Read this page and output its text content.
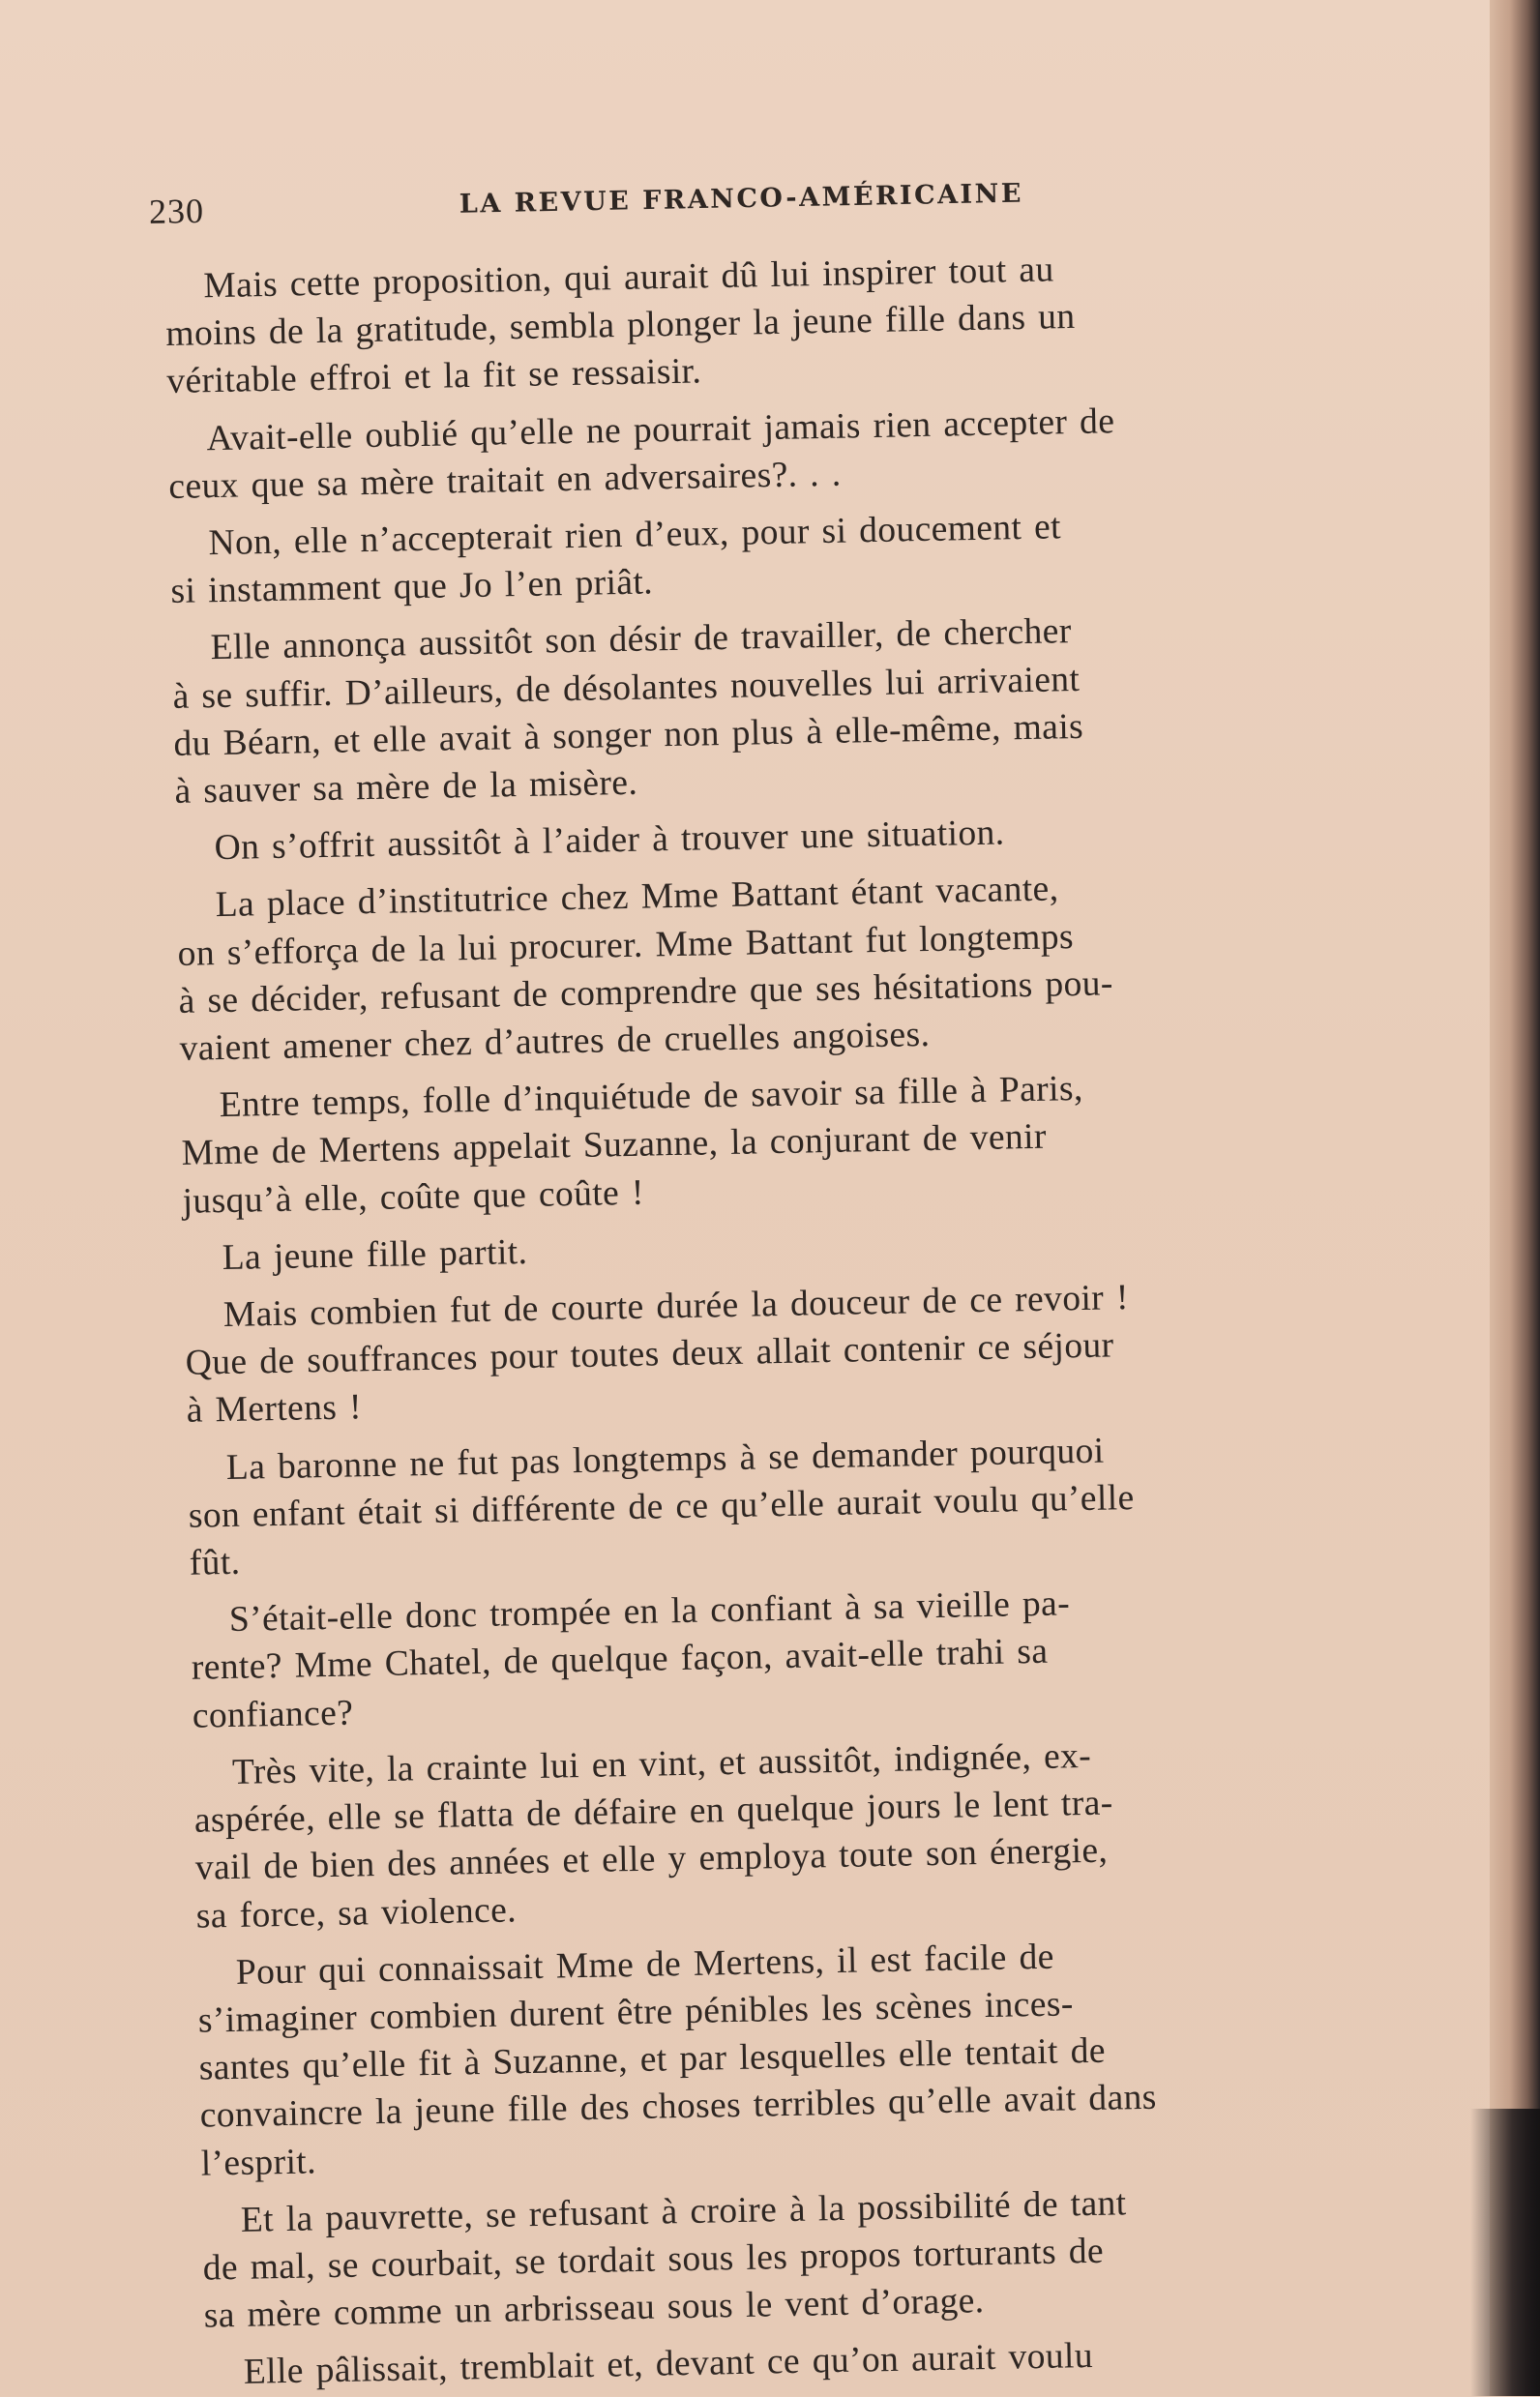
230	LA REVUE FRANCO-AMÉRICAINE
Mais cette proposition, qui aurait dû lui inspirer tout au
moins de la gratitude, sembla plonger la jeune fille dans un
véritable effroi et la fit se ressaisir.
Avait-elle oublié qu’elle ne pourrait jamais rien accepter de
ceux que sa mère traitait en adversaires?. . .
Non, elle n’accepterait rien d’eux, pour si doucement et
si instamment que Jo l’en priât.
Elle annonça aussitôt son désir de travailler, de chercher
à se suffir. D’ailleurs, de désolantes nouvelles lui arrivaient
du Béarn, et elle avait à songer non plus à elle-même, mais
à sauver sa mère de la misère.
On s’offrit aussitôt à l’aider à trouver une situation.
La place d’institutrice chez Mme Battant étant vacante,
on s’efforça de la lui procurer. Mme Battant fut longtemps
à se décider, refusant de comprendre que ses hésitations pou-
vaient amener chez d’autres de cruelles angoises.
Entre temps, folle d’inquiétude de savoir sa fille à Paris,
Mme de Mertens appelait Suzanne, la conjurant de venir
jusqu’à elle, coûte que coûte !
La jeune fille partit.
Mais combien fut de courte durée la douceur de ce revoir !
Que de souffrances pour toutes deux allait contenir ce séjour
à Mertens !
La baronne ne fut pas longtemps à se demander pourquoi
son enfant était si différente de ce qu’elle aurait voulu qu’elle
fût.
S’était-elle donc trompée en la confiant à sa vieille pa-
rente? Mme Chatel, de quelque façon, avait-elle trahi sa
confiance?
Très vite, la crainte lui en vint, et aussitôt, indignée, ex-
aspérée, elle se flatta de défaire en quelque jours le lent tra-
vail de bien des années et elle y employa toute son énergie,
sa force, sa violence.
Pour qui connaissait Mme de Mertens, il est facile de
s’imaginer combien durent être pénibles les scènes inces-
santes qu’elle fit à Suzanne, et par lesquelles elle tentait de
convaincre la jeune fille des choses terribles qu’elle avait dans
l’esprit.
Et la pauvrette, se refusant à croire à la possibilité de tant
de mal, se courbait, se tordait sous les propos torturants de
sa mère comme un arbrisseau sous le vent d’orage.
Elle pâlissait, tremblait et, devant ce qu’on aurait voulu
